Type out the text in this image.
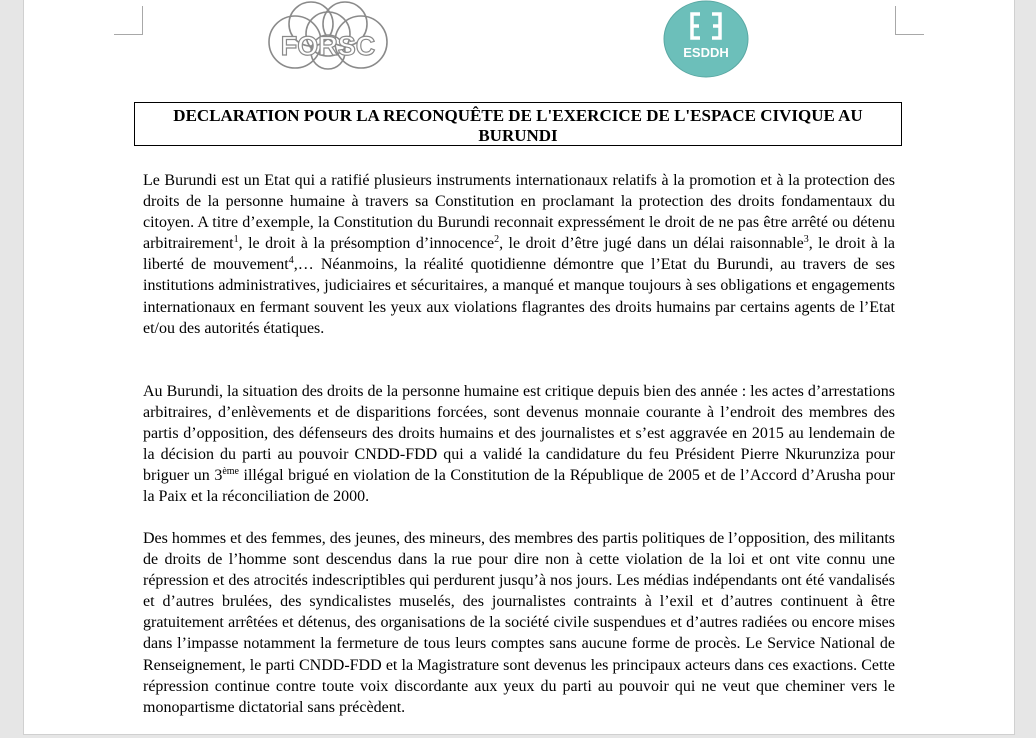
FORSC	ESDDH
DECLARATION POUR LA RECONQUÊTE DE L'EXERCICE DE L'ESPACE CIVIQUE AU BURUNDI

Le Burundi est un Etat qui a ratifié plusieurs instruments internationaux relatifs à la promotion et à la protection des droits de la personne humaine à travers sa Constitution en proclamant la protection des droits fondamentaux du citoyen. A titre d’exemple, la Constitution du Burundi reconnait expressément le droit de ne pas être arrêté ou détenu arbitrairement$^1$, le droit à la présomption d’innocence$^2$, le droit d’être jugé dans un délai raisonnable$^3$, le droit à la liberté de mouvement$^4$,… Néanmoins, la réalité quotidienne démontre que l’Etat du Burundi, au travers de ses institutions administratives, judiciaires et sécuritaires, a manqué et manque toujours à ses obligations et engagements internationaux en fermant souvent les yeux aux violations flagrantes des droits humains par certains agents de l’Etat et/ou des autorités étatiques.

Au Burundi, la situation des droits de la personne humaine est critique depuis bien des année : les actes d’arrestations arbitraires, d’enlèvements et de disparitions forcées, sont devenus monnaie courante à l’endroit des membres des partis d’opposition, des défenseurs des droits humains et des journalistes et s’est aggravée en 2015 au lendemain de la décision du parti au pouvoir CNDD-FDD qui a validé la candidature du feu Président Pierre Nkurunziza pour briguer un 3ème illégal brigué en violation de la Constitution de la République de 2005 et de l’Accord d’Arusha pour la Paix et la réconciliation de 2000.

Des hommes et des femmes, des jeunes, des mineurs, des membres des partis politiques de l’opposition, des militants de droits de l’homme sont descendus dans la rue pour dire non à cette violation de la loi et ont vite connu une répression et des atrocités indescriptibles qui perdurent jusqu’à nos jours. Les médias indépendants ont été vandalisés et d’autres brulées, des syndicalistes muselés, des journalistes contraints à l’exil et d’autres continuent à être gratuitement arrêtées et détenus, des organisations de la société civile suspendues et d’autres radiées ou encore mises dans l’impasse notamment la fermeture de tous leurs comptes sans aucune forme de procès. Le Service National de Renseignement, le parti CNDD-FDD et la Magistrature sont devenus les principaux acteurs dans ces exactions. Cette répression continue contre toute voix discordante aux yeux du parti au pouvoir qui ne veut que cheminer vers le monopartisme dictatorial sans précèdent.
